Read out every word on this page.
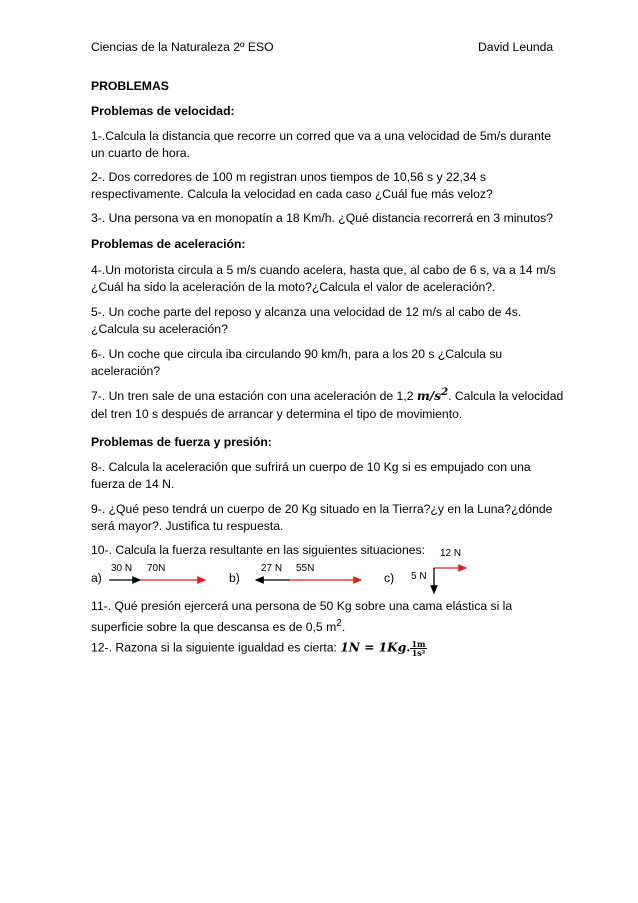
Ciencias de la Naturaleza 2º ESO	David Leunda
PROBLEMAS
Problemas de velocidad:
1-.Calcula la distancia que recorre un corred que va a una velocidad de 5m/s durante un cuarto de hora.
2-. Dos corredores de 100 m registran unos tiempos de 10,56 s y 22,34 s respectivamente. Calcula la velocidad en cada caso ¿Cuál fue más veloz?
3-. Una persona va en monopatín a 18 Km/h. ¿Qué distancia recorrerá en 3 minutos?
Problemas de aceleración:
4-.Un motorista circula a 5 m/s cuando acelera, hasta que, al cabo de 6 s, va a 14 m/s ¿Cuál ha sido la aceleración de la moto?¿Calcula el valor de aceleración?.
5-. Un coche parte del reposo y alcanza una velocidad de 12 m/s al cabo de 4s. ¿Calcula su aceleración?
6-. Un coche que circula iba circulando 90 km/h, para a los 20 s ¿Calcula su aceleración?
7-. Un tren sale de una estación con una aceleración de 1,2 $m/s^2$. Calcula la velocidad
del tren 10 s después de arrancar y determina el tipo de movimiento.
Problemas de fuerza y presión:
8-. Calcula la aceleración que sufrirá un cuerpo de 10 Kg si es empujado con una fuerza de 14 N.
9-. ¿Qué peso tendrá un cuerpo de 20 Kg situado en la Tierra?¿y en la Luna?¿dónde será mayor?. Justifica tu respuesta.
10-. Calcula la fuerza resultante en las siguientes situaciones:
a)
30 N 70N
b)
27 N 55N
c)
12 N
5 N
11-. Qué presión ejercerá una persona de 50 Kg sobre una cama elástica si la superficie sobre la que descansa es de 0,5 $m^2$.
12-. Razona si la siguiente igualdad es cierta: 1N = 1Kg. $\frac{1m}{\text{1s²}}$
